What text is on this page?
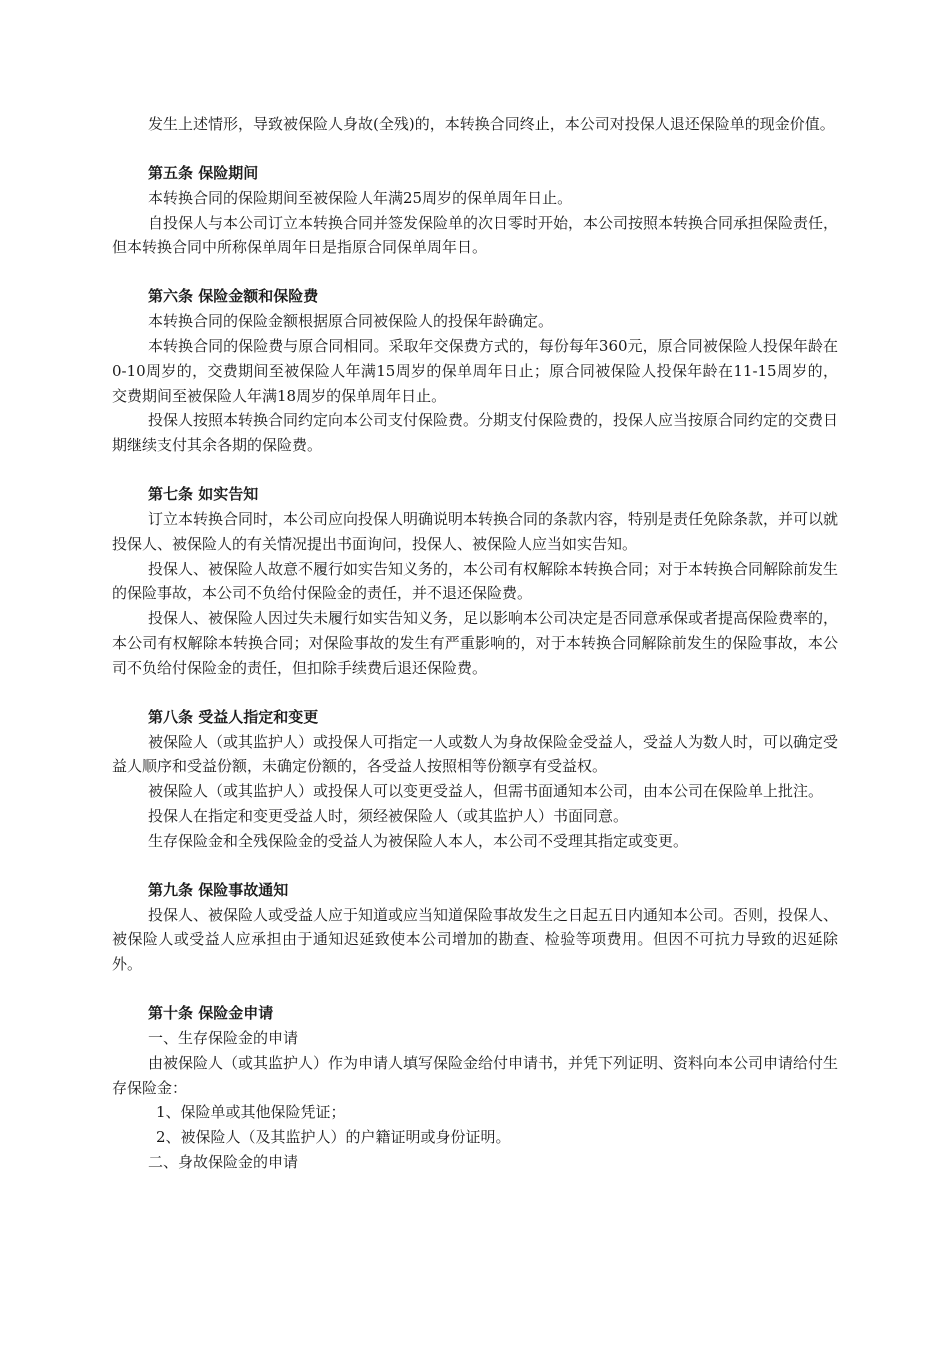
发生上述情形，导致被保险人身故(全残)的，本转换合同终止，本公司对投保人退还保险单的现金价值。

第五条 保险期间

本转换合同的保险期间至被保险人年满25周岁的保单周年日止。

自投保人与本公司订立本转换合同并签发保险单的次日零时开始，本公司按照本转换合同承担保险责任，但本转换合同中所称保单周年日是指原合同保单周年日。

第六条 保险金额和保险费

本转换合同的保险金额根据原合同被保险人的投保年龄确定。

本转换合同的保险费与原合同相同。采取年交保费方式的，每份每年360元，原合同被保险人投保年龄在0-10周岁的，交费期间至被保险人年满15周岁的保单周年日止；原合同被保险人投保年龄在11-15周岁的，交费期间至被保险人年满18周岁的保单周年日止。

投保人按照本转换合同约定向本公司支付保险费。分期支付保险费的，投保人应当按原合同约定的交费日期继续支付其余各期的保险费。

第七条 如实告知

订立本转换合同时，本公司应向投保人明确说明本转换合同的条款内容，特别是责任免除条款，并可以就投保人、被保险人的有关情况提出书面询问，投保人、被保险人应当如实告知。

投保人、被保险人故意不履行如实告知义务的，本公司有权解除本转换合同；对于本转换合同解除前发生的保险事故，本公司不负给付保险金的责任，并不退还保险费。

投保人、被保险人因过失未履行如实告知义务，足以影响本公司决定是否同意承保或者提高保险费率的，本公司有权解除本转换合同；对保险事故的发生有严重影响的，对于本转换合同解除前发生的保险事故，本公司不负给付保险金的责任，但扣除手续费后退还保险费。

第八条 受益人指定和变更

被保险人（或其监护人）或投保人可指定一人或数人为身故保险金受益人，受益人为数人时，可以确定受益人顺序和受益份额，未确定份额的，各受益人按照相等份额享有受益权。

被保险人（或其监护人）或投保人可以变更受益人，但需书面通知本公司，由本公司在保险单上批注。

投保人在指定和变更受益人时，须经被保险人（或其监护人）书面同意。

生存保险金和全残保险金的受益人为被保险人本人，本公司不受理其指定或变更。

第九条 保险事故通知

投保人、被保险人或受益人应于知道或应当知道保险事故发生之日起五日内通知本公司。否则，投保人、被保险人或受益人应承担由于通知迟延致使本公司增加的勘查、检验等项费用。但因不可抗力导致的迟延除外。

第十条 保险金申请

一、生存保险金的申请

由被保险人（或其监护人）作为申请人填写保险金给付申请书，并凭下列证明、资料向本公司申请给付生存保险金：

1、保险单或其他保险凭证；

2、被保险人（及其监护人）的户籍证明或身份证明。

二、身故保险金的申请
